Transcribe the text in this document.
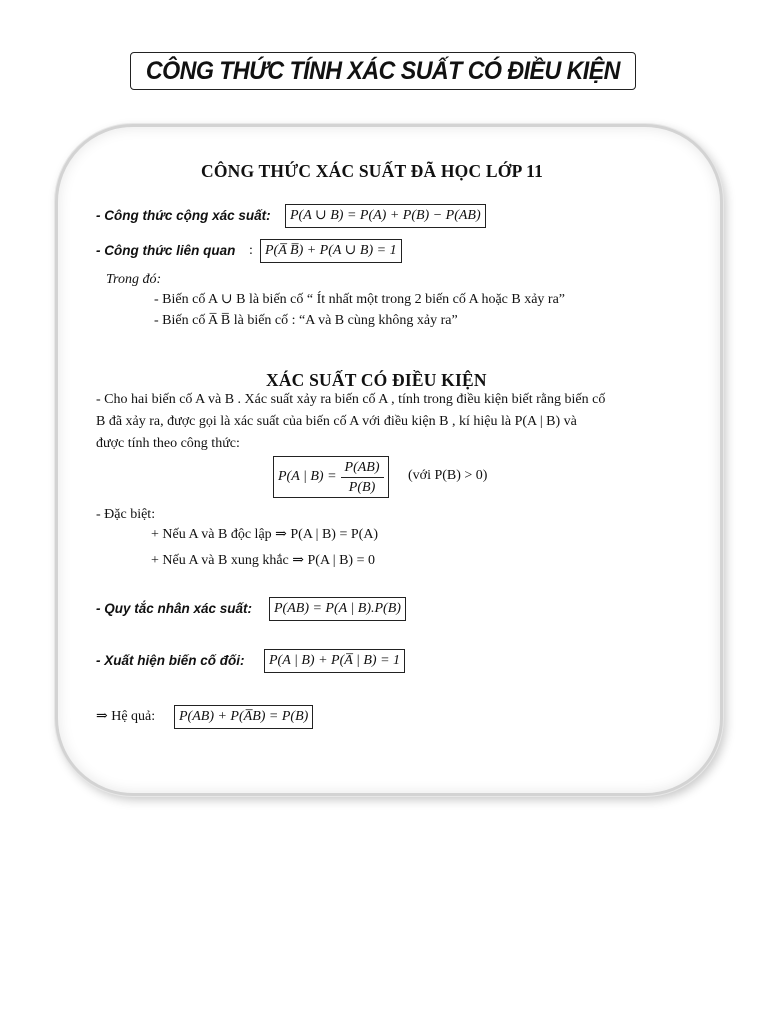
CÔNG THỨC TÍNH XÁC SUẤT CÓ ĐIỀU KIỆN
CÔNG THỨC XÁC SUẤT ĐÃ HỌC LỚP 11
- Công thức cộng xác suất:	P(A ∪ B) = P(A) + P(B) − P(AB)
- Công thức liên quan : P(A̅ B̅) + P(A ∪ B) = 1
Trong đó:
- Biến cố A ∪ B là biến cố “ Ít nhất một trong 2 biến cố A hoặc B xảy ra”
- Biến cố A̅ B̅ là biến cố : “A và B cùng không xảy ra”
XÁC SUẤT CÓ ĐIỀU KIỆN
- Cho hai biến cố A và B . Xác suất xảy ra biến cố A , tính trong điều kiện biết rằng biến cố
B đã xảy ra, được gọi là xác suất của biến cố A với điều kiện B , kí hiệu là P(A | B) và
được tính theo công thức:
P(A | $B) = \frac{P(AB)}{P(B)}$ (với P(B) > 0)
- Đặc biệt:
+ Nếu A và B độc lập ⇒ P(A | B) = P(A)
+ Nếu A và B xung khắc ⇒ P(A | B) = 0
- Quy tắc nhân xác suất:	P(AB) = P(A | B).P(B)
- Xuất hiện biến cố đối:	P(A | B) + P(A̅ | B) = 1
⇒ Hệ quả:	P(AB) + P(A̅B) = P(B)
